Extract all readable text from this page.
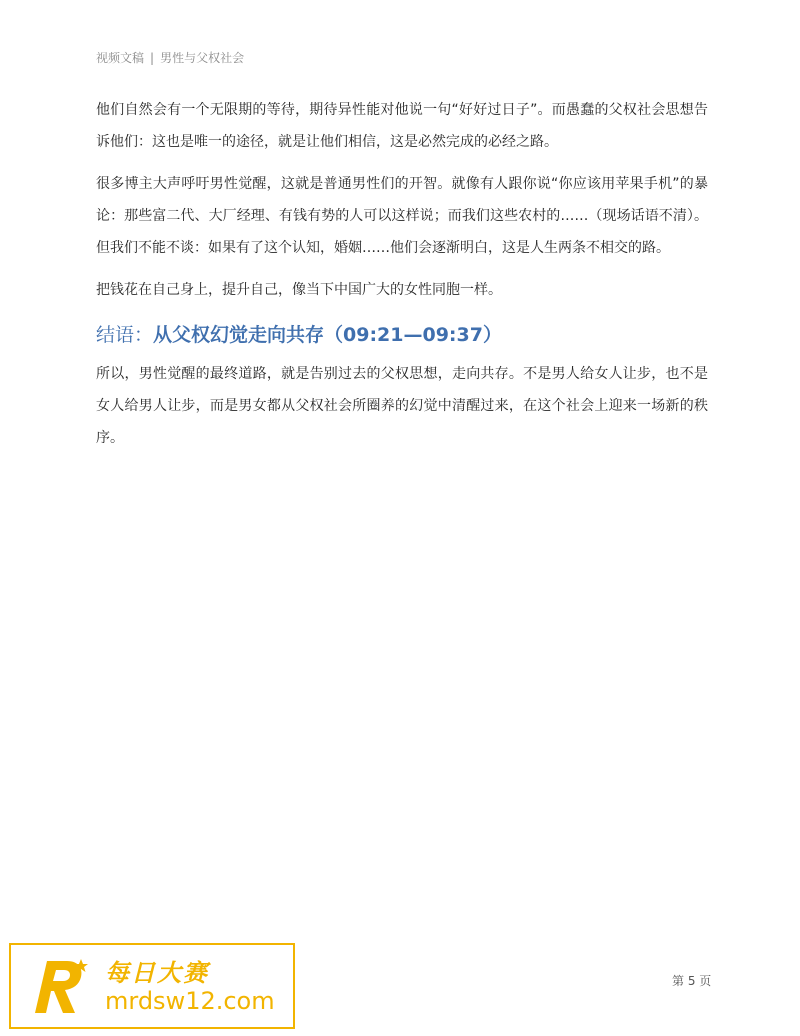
视频文稿 | 男性与父权社会

他们自然会有一个无限期的等待，期待异性能对他说一句“好好过日子”。而愚蠢的父权社会思想告诉他们：这也是唯一的途径，就是让他们相信，这是必然完成的必经之路。

很多博主大声呼吁男性觉醒，这就是普通男性们的开智。就像有人跟你说“你应该用苹果手机”的暴论：那些富二代、大厂经理、有钱有势的人可以这样说；而我们这些农村的……（现场话语不清）。但我们不能不谈：如果有了这个认知，婚姻……他们会逐渐明白，这是人生两条不相交的路。

把钱花在自己身上，提升自己，像当下中国广大的女性同胞一样。

结语：从父权幻觉走向共存（09:21—09:37）

所以，男性觉醒的最终道路，就是告别过去的父权思想，走向共存。不是男人给女人让步，也不是女人给男人让步，而是男女都从父权社会所圈养的幻觉中清醒过来，在这个社会上迎来一场新的秩序。

第 5 页
每日大赛
mrdsw12.com
